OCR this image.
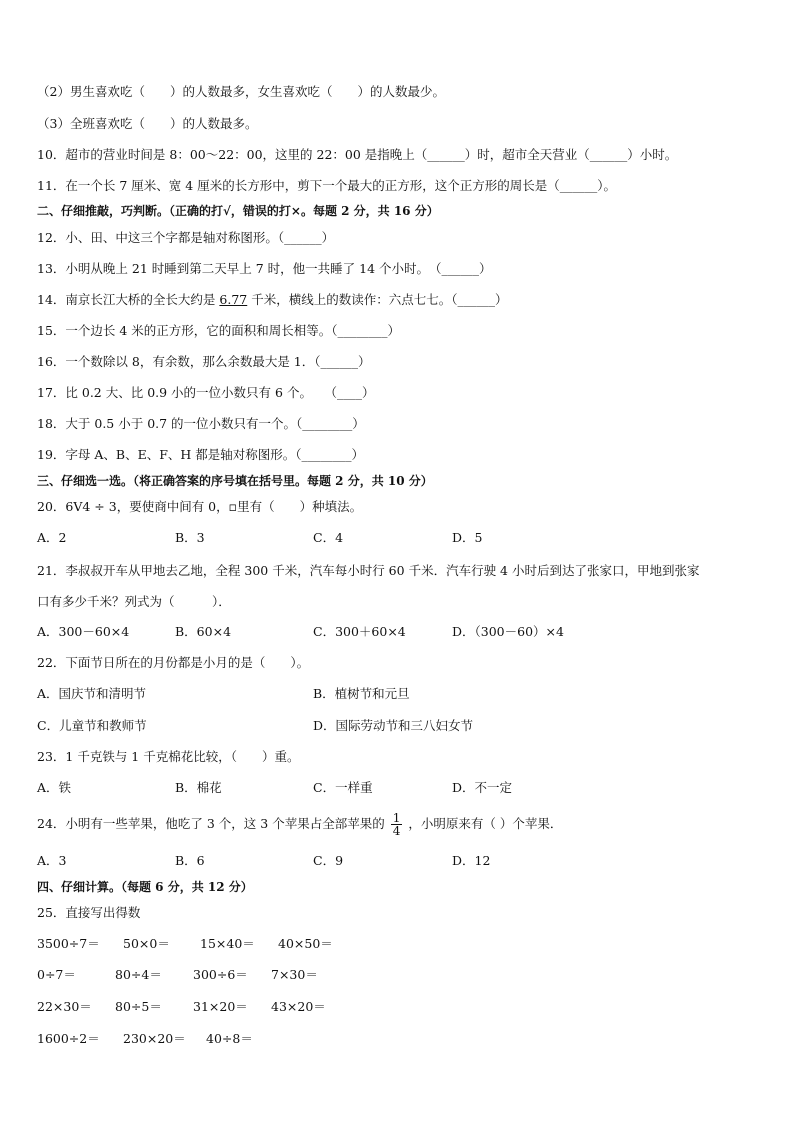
（2）男生喜欢吃（　　）的人数最多，女生喜欢吃（　　）的人数最少。
（3）全班喜欢吃（　　）的人数最多。
10．超市的营业时间是 8：00～22：00，这里的 22：00 是指晚上（______）时，超市全天营业（______）小时。
11．在一个长 7 厘米、宽 4 厘米的长方形中，剪下一个最大的正方形，这个正方形的周长是（______）。
二、仔细推敲，巧判断。（正确的打√，错误的打×。每题 2 分，共 16 分）
12．小、田、中这三个字都是轴对称图形。（______）
13．小明从晚上 21 时睡到第二天早上 7 时，他一共睡了 14 个小时。　（______）
14．南京长江大桥的全长大约是 6.77 千米，横线上的数读作：六点七七。（______）
15．一个边长 4 米的正方形，它的面积和周长相等。（________）
16．一个数除以 8，有余数，那么余数最大是 1．（______）
17．比 0.2 大、比 0.9 小的一位小数只有 6 个。　　（____）
18．大于 0.5 小于 0.7 的一位小数只有一个。（________）
19．字母 A、B、E、F、H 都是轴对称图形。（________）
三、仔细选一选。（将正确答案的序号填在括号里。每题 2 分，共 10 分）
20．6V4 ÷ 3，要使商中间有 0，▫里有（　　）种填法。
A．2	B．3	C．4	D．5
21．李叔叔开车从甲地去乙地，全程 300 千米，汽车每小时行 60 千米．汽车行驶 4 小时后到达了张家口，甲地到张家
口有多少千米？列式为（　　　）．
A．300－60×4	B．60×4	C．300＋60×4	D．（300－60）×4
22．下面节日所在的月份都是小月的是（　　）。
A．国庆节和清明节	B．植树节和元旦
C．儿童节和教师节	D．国际劳动节和三八妇女节
23．1 千克铁与 1 千克棉花比较，（　　）重。
A．铁	B．棉花	C．一样重	D．不一定
24．小明有一些苹果，他吃了 3 个，这 3 个苹果占全部苹果的 $\frac{1}{4}$ ，小明原来有（ ）个苹果．
A．3	B．6	C．9	D．12
四、仔细计算。（每题 6 分，共 12 分）
25．直接写出得数
3500÷7＝ 50×0＝ 15×40＝ 40×50＝
0÷7＝	80÷4＝ 300÷6＝ 7×30＝
22×30＝ 80÷5＝ 31×20＝ 43×20＝
1600÷2＝ 230×20＝ 40÷8＝
